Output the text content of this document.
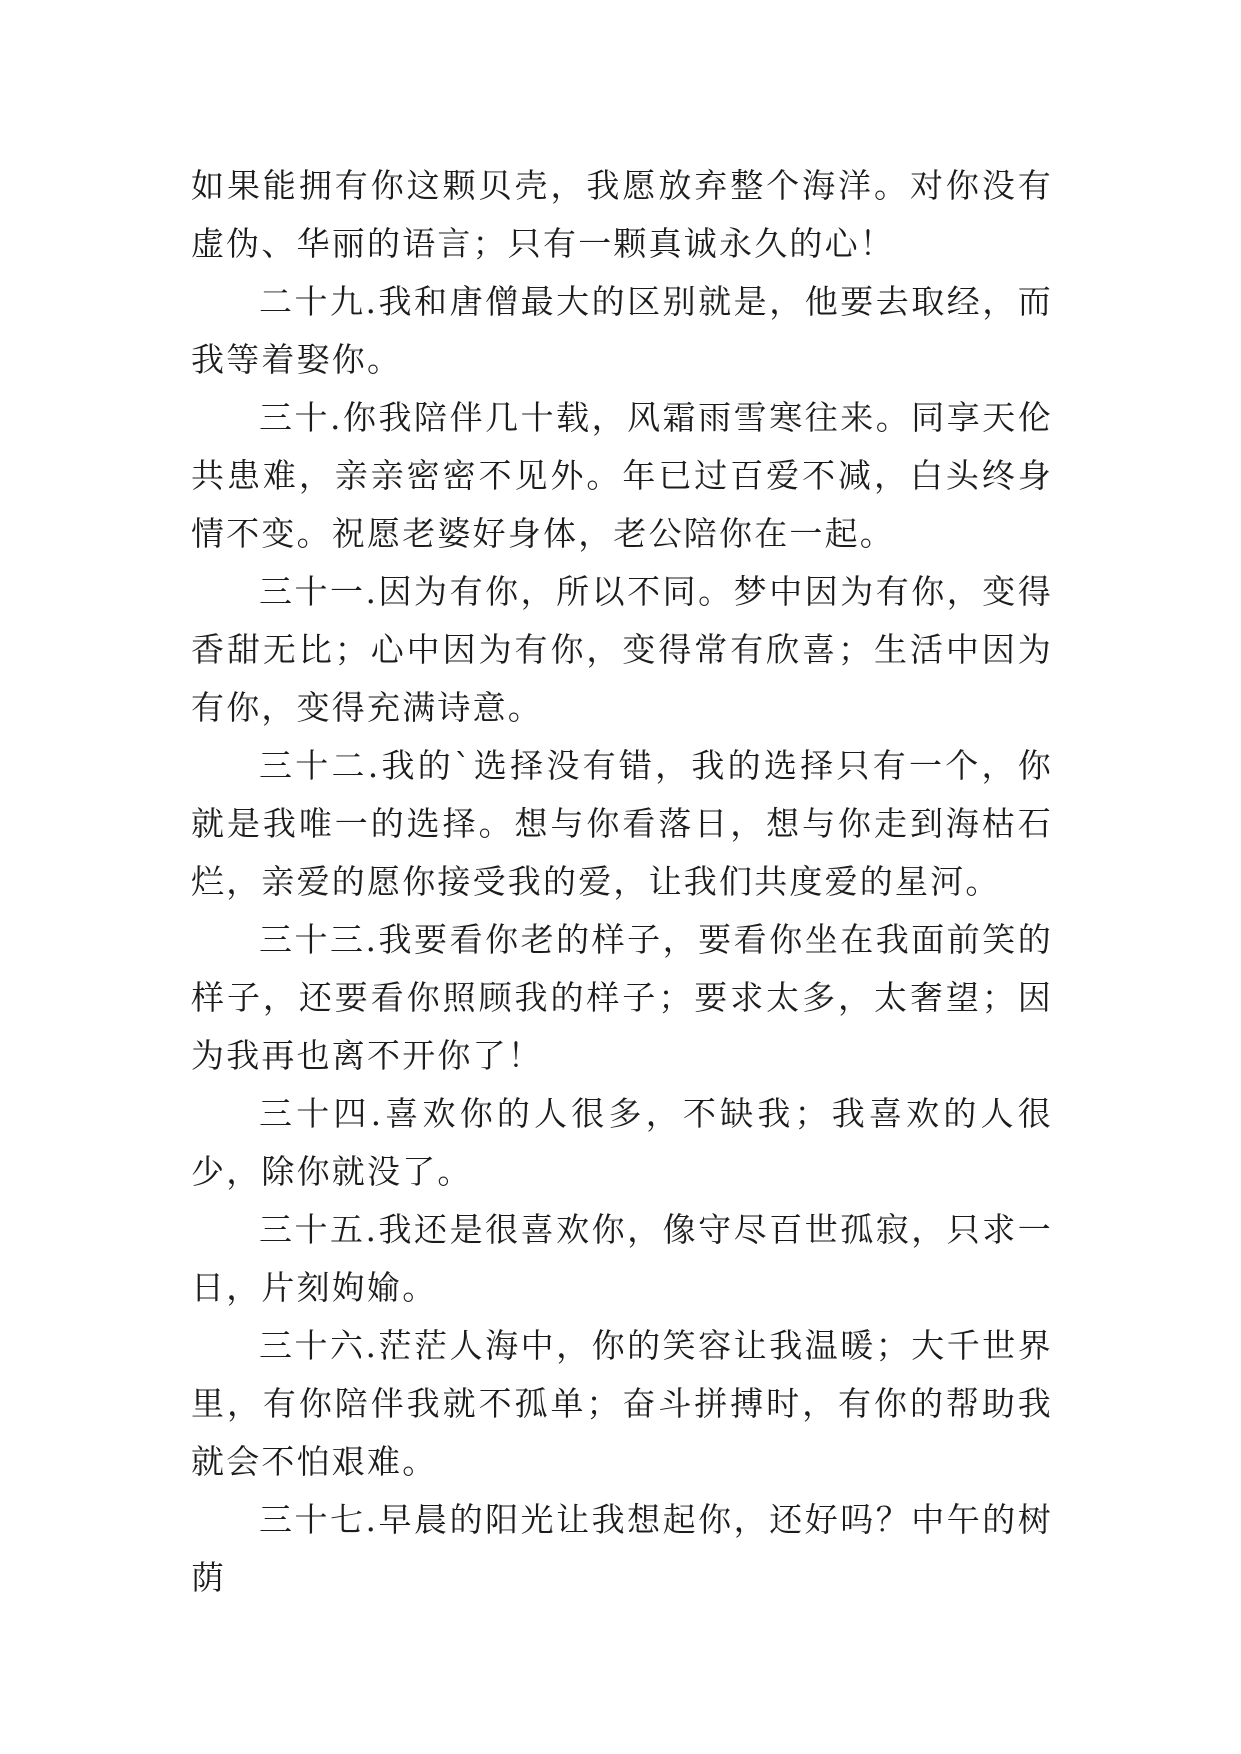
如果能拥有你这颗贝壳，我愿放弃整个海洋。对你没有虚伪、华丽的语言；只有一颗真诚永久的心！

二十九.我和唐僧最大的区别就是，他要去取经，而我等着娶你。

三十.你我陪伴几十载，风霜雨雪寒往来。同享天伦共患难，亲亲密密不见外。年已过百爱不减，白头终身情不变。祝愿老婆好身体，老公陪你在一起。

三十一.因为有你，所以不同。梦中因为有你，变得香甜无比；心中因为有你，变得常有欣喜；生活中因为有你，变得充满诗意。

三十二.我的`选择没有错，我的选择只有一个，你就是我唯一的选择。想与你看落日，想与你走到海枯石烂，亲爱的愿你接受我的爱，让我们共度爱的星河。

三十三.我要看你老的样子，要看你坐在我面前笑的样子，还要看你照顾我的样子；要求太多，太奢望；因为我再也离不开你了！

三十四.喜欢你的人很多，不缺我；我喜欢的人很少，除你就没了。

三十五.我还是很喜欢你，像守尽百世孤寂，只求一日，片刻姁媮。

三十六.茫茫人海中，你的笑容让我温暖；大千世界里，有你陪伴我就不孤单；奋斗拼搏时，有你的帮助我就会不怕艰难。

三十七.早晨的阳光让我想起你，还好吗？中午的树荫
